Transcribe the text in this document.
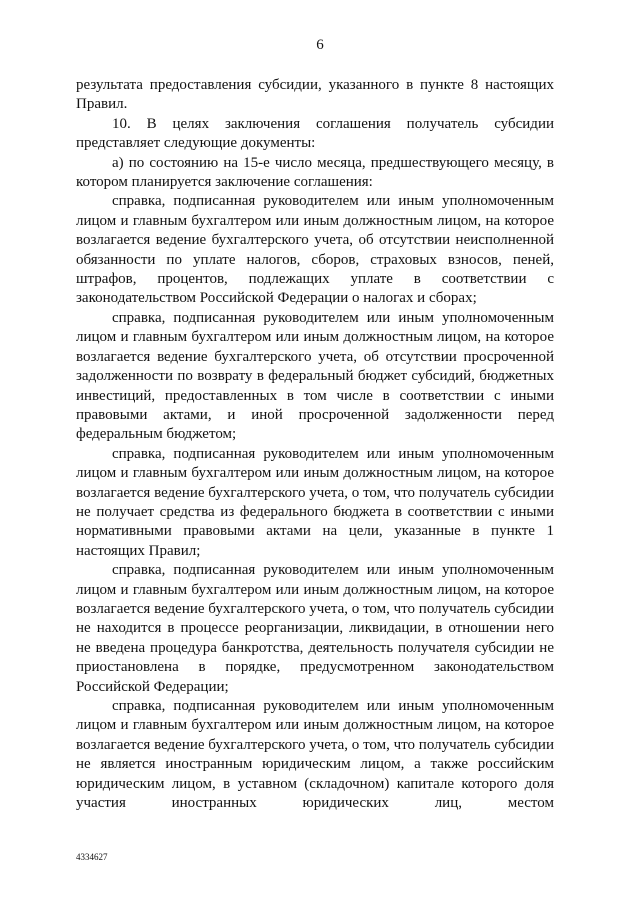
6

результата предоставления субсидии, указанного в пункте 8 настоящих Правил.

10. В целях заключения соглашения получатель субсидии представляет следующие документы:

а) по состоянию на 15-е число месяца, предшествующего месяцу, в котором планируется заключение соглашения:

справка, подписанная руководителем или иным уполномоченным лицом и главным бухгалтером или иным должностным лицом, на которое возлагается ведение бухгалтерского учета, об отсутствии неисполненной обязанности по уплате налогов, сборов, страховых взносов, пеней, штрафов, процентов, подлежащих уплате в соответствии с законодательством Российской Федерации о налогах и сборах;

справка, подписанная руководителем или иным уполномоченным лицом и главным бухгалтером или иным должностным лицом, на которое возлагается ведение бухгалтерского учета, об отсутствии просроченной задолженности по возврату в федеральный бюджет субсидий, бюджетных инвестиций, предоставленных в том числе в соответствии с иными правовыми актами, и иной просроченной задолженности перед федеральным бюджетом;

справка, подписанная руководителем или иным уполномоченным лицом и главным бухгалтером или иным должностным лицом, на которое возлагается ведение бухгалтерского учета, о том, что получатель субсидии не получает средства из федерального бюджета в соответствии с иными нормативными правовыми актами на цели, указанные в пункте 1 настоящих Правил;

справка, подписанная руководителем или иным уполномоченным лицом и главным бухгалтером или иным должностным лицом, на которое возлагается ведение бухгалтерского учета, о том, что получатель субсидии не находится в процессе реорганизации, ликвидации, в отношении него не введена процедура банкротства, деятельность получателя субсидии не приостановлена в порядке, предусмотренном законодательством Российской Федерации;

справка, подписанная руководителем или иным уполномоченным лицом и главным бухгалтером или иным должностным лицом, на которое возлагается ведение бухгалтерского учета, о том, что получатель субсидии не является иностранным юридическим лицом, а также российским юридическим лицом, в уставном (складочном) капитале которого доля участия иностранных юридических лиц, местом

4334627
